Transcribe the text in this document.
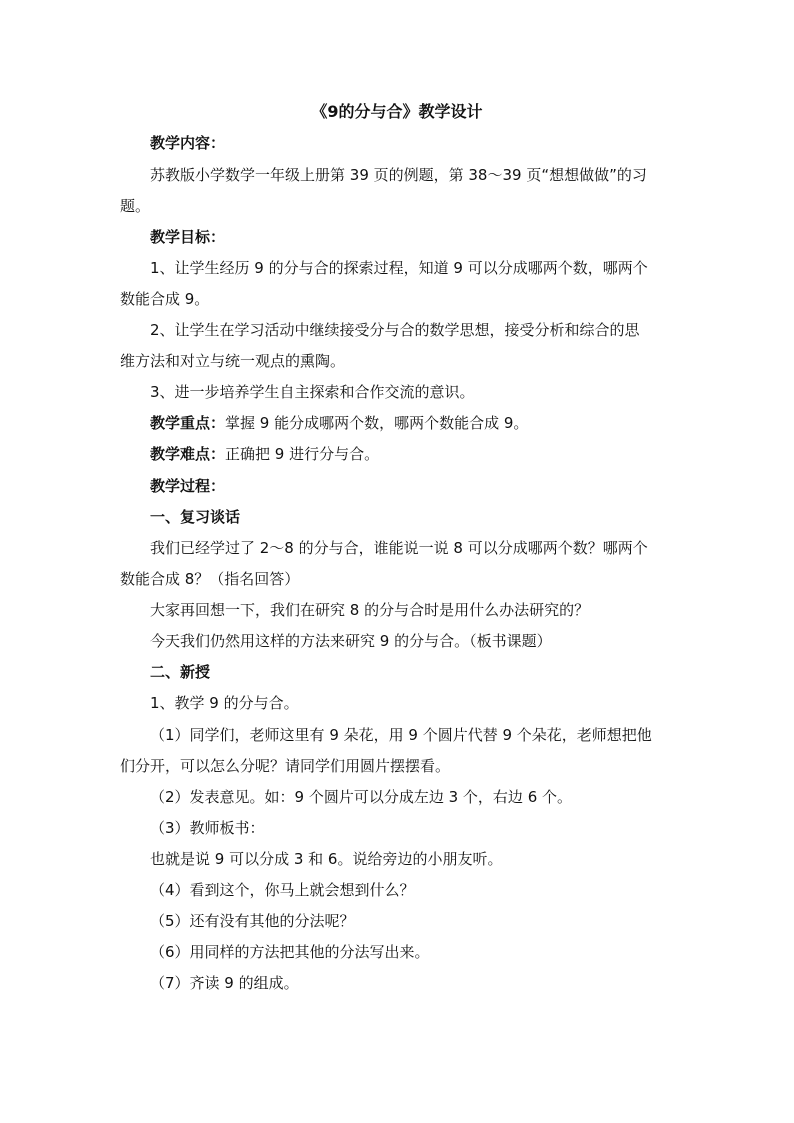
《9的分与合》教学设计
教学内容：
苏教版小学数学一年级上册第 39 页的例题，第 38～39 页“想想做做”的习
题。
教学目标：
1、让学生经历 9 的分与合的探索过程，知道 9 可以分成哪两个数，哪两个
数能合成 9。
2、让学生在学习活动中继续接受分与合的数学思想，接受分析和综合的思
维方法和对立与统一观点的熏陶。
3、进一步培养学生自主探索和合作交流的意识。
教学重点：掌握 9 能分成哪两个数，哪两个数能合成 9。
教学难点：正确把 9 进行分与合。
教学过程：
一、复习谈话
我们已经学过了 2～8 的分与合，谁能说一说 8 可以分成哪两个数？哪两个
数能合成 8？（指名回答）
大家再回想一下，我们在研究 8 的分与合时是用什么办法研究的？
今天我们仍然用这样的方法来研究 9 的分与合。（板书课题）
二、新授
1、教学 9 的分与合。
（1）同学们，老师这里有 9 朵花，用 9 个圆片代替 9 个朵花，老师想把他
们分开，可以怎么分呢？请同学们用圆片摆摆看。
（2）发表意见。如：9 个圆片可以分成左边 3 个，右边 6 个。
（3）教师板书：
也就是说 9 可以分成 3 和 6。说给旁边的小朋友听。
（4）看到这个，你马上就会想到什么？
（5）还有没有其他的分法呢？
（6）用同样的方法把其他的分法写出来。
（7）齐读 9 的组成。
